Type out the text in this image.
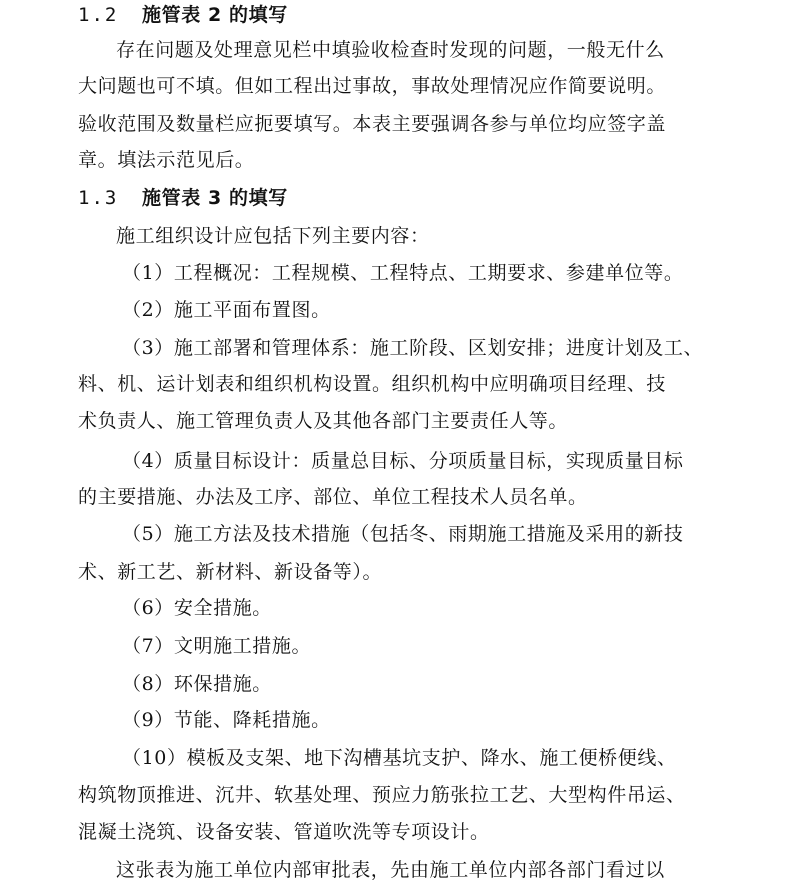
1.2 施管表 2 的填写
存在问题及处理意见栏中填验收检查时发现的问题，一般无什么
大问题也可不填。但如工程出过事故，事故处理情况应作简要说明。
验收范围及数量栏应扼要填写。本表主要强调各参与单位均应签字盖
章。填法示范见后。
1.3 施管表 3 的填写
施工组织设计应包括下列主要内容：
（1）工程概况：工程规模、工程特点、工期要求、参建单位等。
（2）施工平面布置图。
（3）施工部署和管理体系：施工阶段、区划安排；进度计划及工、
料、机、运计划表和组织机构设置。组织机构中应明确项目经理、技
术负责人、施工管理负责人及其他各部门主要责任人等。
（4）质量目标设计：质量总目标、分项质量目标，实现质量目标
的主要措施、办法及工序、部位、单位工程技术人员名单。
（5）施工方法及技术措施（包括冬、雨期施工措施及采用的新技
术、新工艺、新材料、新设备等）。
（6）安全措施。
（7）文明施工措施。
（8）环保措施。
（9）节能、降耗措施。
（10）模板及支架、地下沟槽基坑支护、降水、施工便桥便线、
构筑物顶推进、沉井、软基处理、预应力筋张拉工艺、大型构件吊运、
混凝土浇筑、设备安装、管道吹洗等专项设计。
这张表为施工单位内部审批表，先由施工单位内部各部门看过以
